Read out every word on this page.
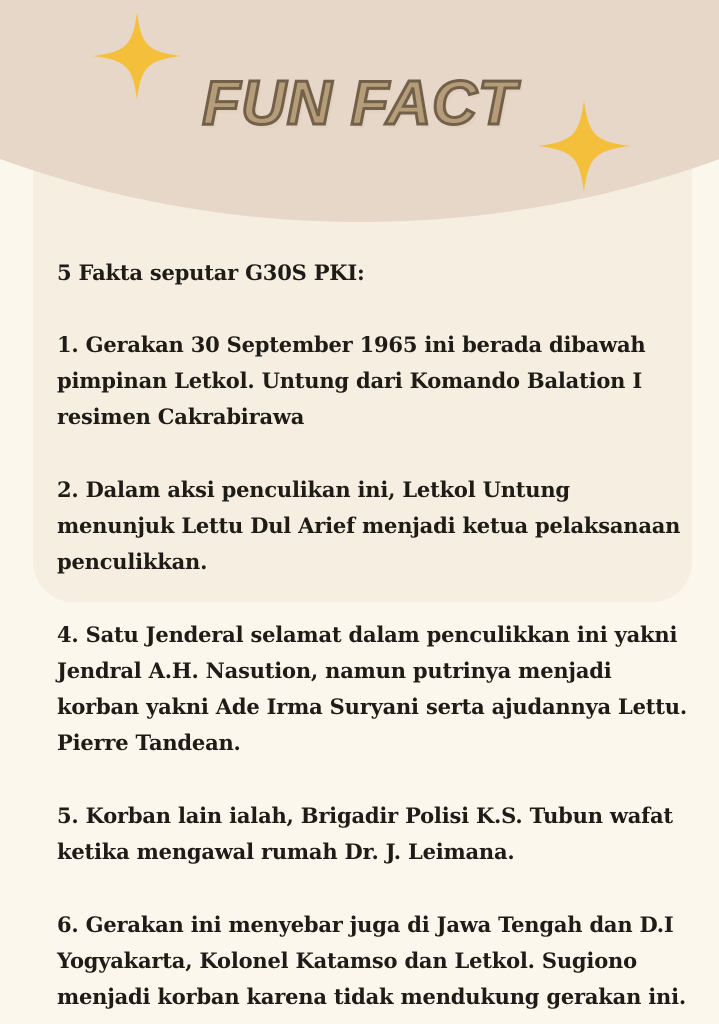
FUN FACT

5 Fakta seputar G30S PKI:

1. Gerakan 30 September 1965 ini berada dibawah pimpinan Letkol. Untung dari Komando Balation I resimen Cakrabirawa

2. Dalam aksi penculikan ini, Letkol Untung menunjuk Lettu Dul Arief menjadi ketua pelaksanaan penculikkan.

4. Satu Jenderal selamat dalam penculikkan ini yakni Jendral A.H. Nasution, namun putrinya menjadi korban yakni Ade Irma Suryani serta ajudannya Lettu. Pierre Tandean.

5. Korban lain ialah, Brigadir Polisi K.S. Tubun wafat ketika mengawal rumah Dr. J. Leimana.

6. Gerakan ini menyebar juga di Jawa Tengah dan D.I Yogyakarta, Kolonel Katamso dan Letkol. Sugiono menjadi korban karena tidak mendukung gerakan ini.
